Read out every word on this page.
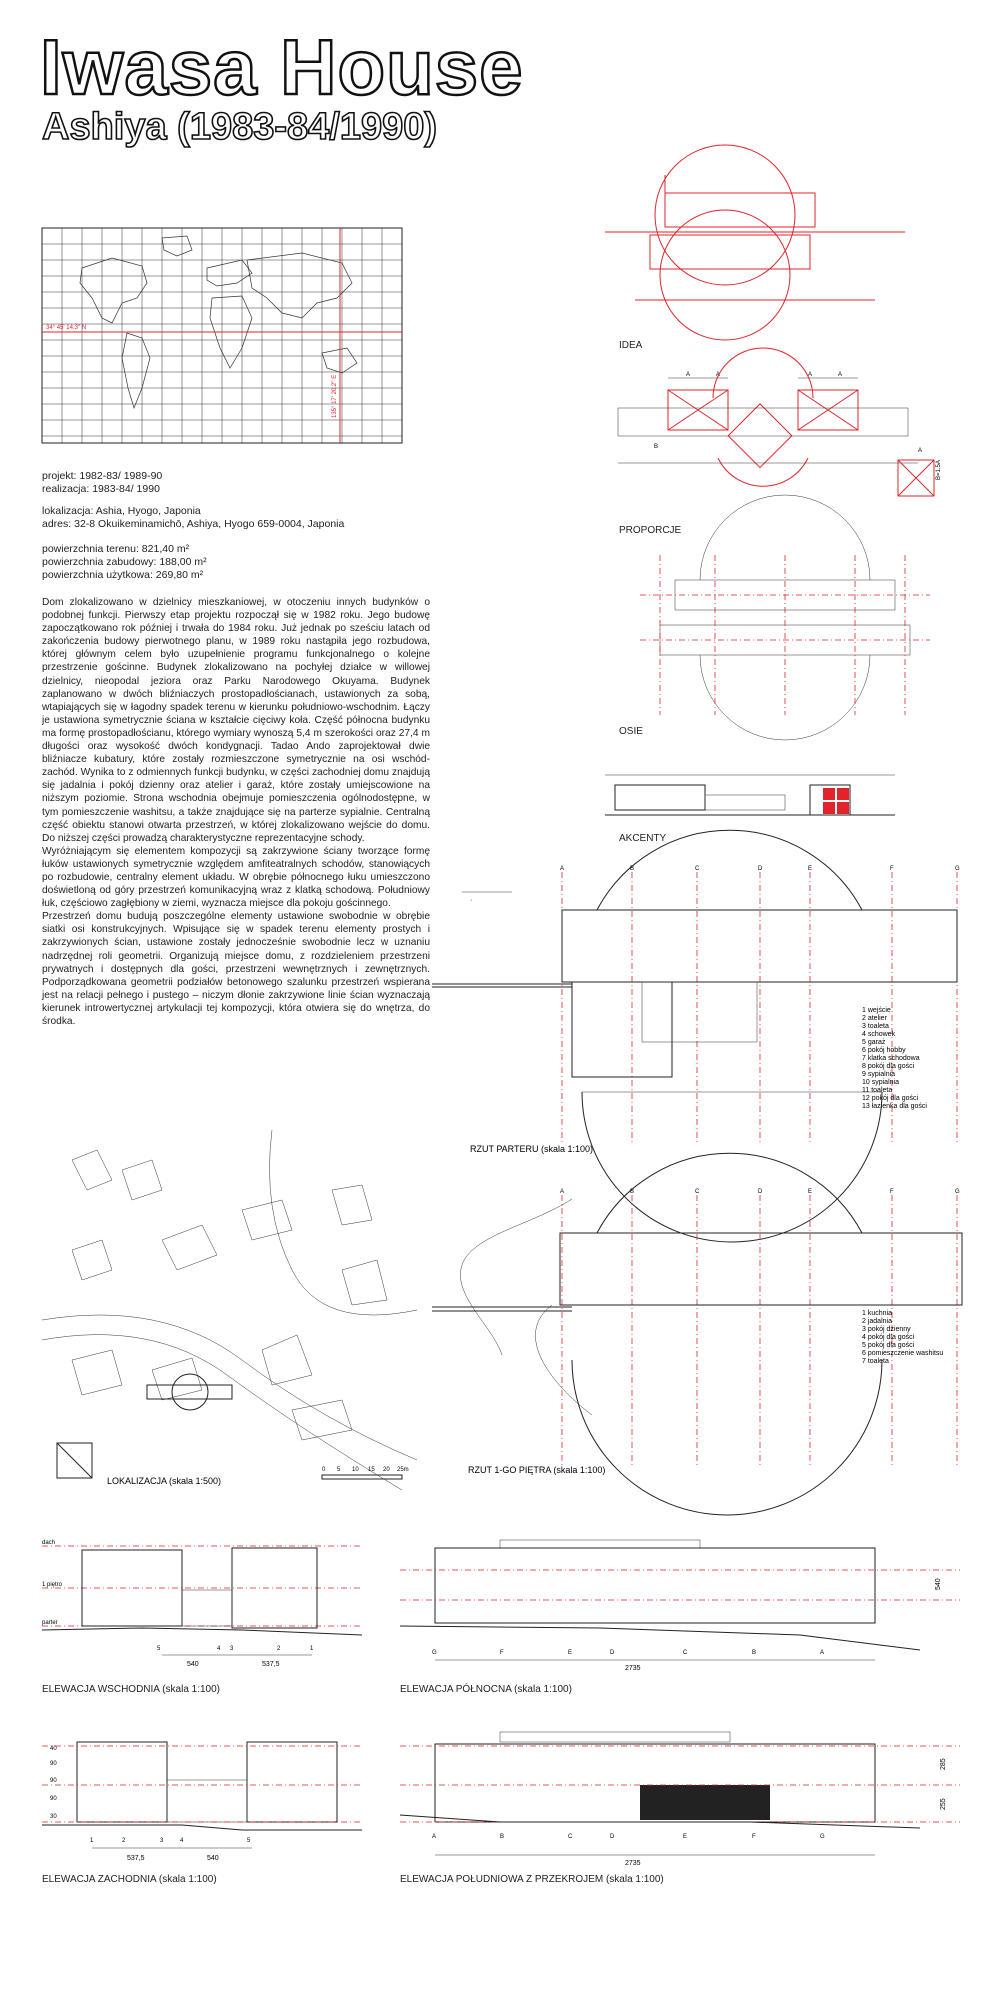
Iwasa House
Ashiya (1983-84/1990)
34° 45' 14.3'' N
135° 17' 20.2'' E
projekt: 1982-83/ 1989-90
realizacja: 1983-84/ 1990
lokalizacja: Ashia, Hyogo, Japonia
adres: 32-8 Okuikeminamichō, Ashiya, Hyogo 659-0004, Japonia
powierzchnia terenu: 821,40 m²
powierzchnia zabudowy: 188,00 m²
powierzchnia użytkowa: 269,80 m²

Dom zlokalizowano w dzielnicy mieszkaniowej, w otoczeniu innych budynków o podobnej funkcji. Pierwszy etap projektu rozpoczął się w 1982 roku. Jego budowę zapoczątkowano rok później i trwała do 1984 roku. Już jednak po sześciu latach od zakończenia budowy pierwotnego planu, w 1989 roku nastąpiła jego rozbudowa, której głównym celem było uzupełnienie programu funkcjonalnego o kolejne przestrzenie gościnne. Budynek zlokalizowano na pochyłej działce w willowej dzielnicy, nieopodal jeziora oraz Parku Narodowego Okuyama. Budynek zaplanowano w dwóch bliźniaczych prostopadłościanach, ustawionych za sobą, wtapiających się w łagodny spadek terenu w kierunku południowo-wschodnim. Łączy je ustawiona symetrycznie ściana w kształcie cięciwy koła. Część północna budynku ma formę prostopadłościanu, którego wymiary wynoszą 5,4 m szerokości oraz 27,4 m długości oraz wysokość dwóch kondygnacji. Tadao Ando zaprojektował dwie bliźniacze kubatury, które zostały rozmieszczone symetrycznie na osi wschód-zachód. Wynika to z odmiennych funkcji budynku, w części zachodniej domu znajdują się jadalnia i pokój dzienny oraz atelier i garaż, które zostały umiejscowione na niższym poziomie. Strona wschodnia obejmuje pomieszczenia ogólnodostępne, w tym pomieszczenie washitsu, a także znajdujące się na parterze sypialnie. Centralną część obiektu stanowi otwarta przestrzeń, w której zlokalizowano wejście do domu. Do niższej części prowadzą charakterystyczne reprezentacyjne schody.

Wyróżniającym się elementem kompozycji są zakrzywione ściany tworzące formę łuków ustawionych symetrycznie względem amfiteatralnych schodów, stanowiących po rozbudowie, centralny element układu. W obrębie północnego łuku umieszczono doświetloną od góry przestrzeń komunikacyjną wraz z klatką schodową. Południowy łuk, częściowo zagłębiony w ziemi, wyznacza miejsce dla pokoju gościnnego.

Przestrzeń domu budują poszczególne elementy ustawione swobodnie w obrębie siatki osi konstrukcyjnych. Wpisujące się w spadek terenu elementy prostych i zakrzywionych ścian, ustawione zostały jednocześnie swobodnie lecz w uznaniu nadrzędnej roli geometrii. Organizują miejsce domu, z rozdzieleniem przestrzeni prywatnych i dostępnych dla gości, przestrzeni wewnętrznych i zewnętrznych. Podporządkowana geometrii podziałów betonowego szalunku przestrzeń wspierana jest na relacji pełnego i pustego – niczym dłonie zakrzywione linie ścian wyznaczają kierunek introwertycznej artykulacji tej kompozycji, która otwiera się do wnętrza, do środka.

IDEA
A	A	A	A
B
A
B=1.5A
PROPORCJE
OSIE
AKCENTY
A	B	C	D	E	F	G
·
1 wejście
2 atelier
3 toaleta
4 schowek
5 garaż
6 pokój hobby
7 klatka schodowa
8 pokój dla gości
9 sypialnia
10 sypialnia
11 toaleta
12 pokój dla gości
13 łazienka dla gości
RZUT PARTERU (skala 1:100)
A	B	C	D	E	F	G
1 kuchnia
2 jadalnia
3 pokój dzienny
4 pokój dla gości
5 pokój dla gości
6 pomieszczenie washitsu
7 toaleta
RZUT 1-GO PIĘTRA (skala 1:100)
LOKALIZACJA (skala 1:500)
0 5 10 15 20 25m
dach
1 piętro
parter
5	4 3	2	1
540	537,5
ELEWACJA WSCHODNIA (skala 1:100)
G	F	E	D	C	B	A
2735
540
ELEWACJA PÓŁNOCNA (skala 1:100)
40
90
90
90
30
1	2	3	4	5
537,5	540
ELEWACJA ZACHODNIA (skala 1:100)
A	B	C	D	E	F	G
2735
285
255
ELEWACJA POŁUDNIOWA Z PRZEKROJEM (skala 1:100)
